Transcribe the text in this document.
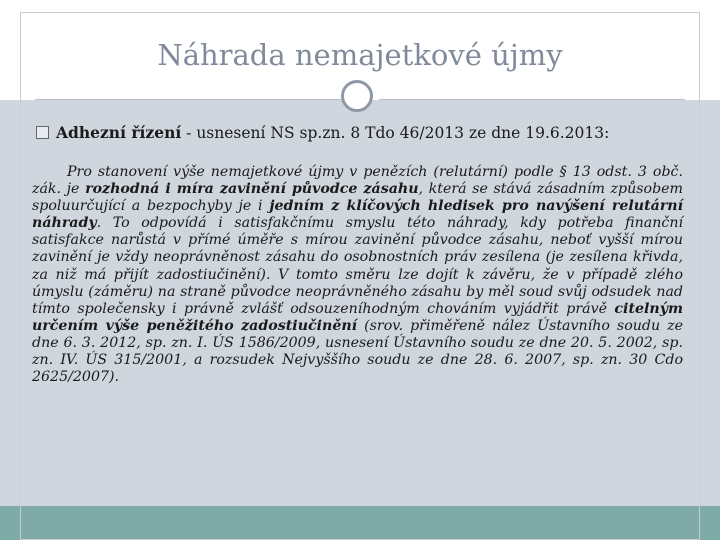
Náhrada nemajetkové újmy
Adhezní řízení - usnesení NS sp.zn. 8 Tdo 46/2013 ze dne 19.6.2013:
Pro stanovení výše nemajetkové újmy v penězích (relutární) podle § 13 odst. 3 obč. zák. je rozhodná i míra zavinění původce zásahu, která se stává zásadním způsobem spoluurčující a bezpochyby je i jedním z klíčových hledisek pro navýšení relutární náhrady. To odpovídá i satisfakčnímu smyslu této náhrady, kdy potřeba finanční satisfakce narůstá v přímé úměře s mírou zavinění původce zásahu, neboť vyšší mírou zavinění je vždy neoprávněnost zásahu do osobnostních práv zesílena (je zesílena křivda, za niž má přijít zadostiučinění). V tomto směru lze dojít k závěru, že v případě zlého úmyslu (záměru) na straně původce neoprávněného zásahu by měl soud svůj odsudek nad tímto společensky i právně zvlášť odsouzeníhodným chováním vyjádřit právě citelným určením výše peněžitého zadostiučinění (srov. přiměřeně nález Ústavního soudu ze dne 6. 3. 2012, sp. zn. I. ÚS 1586/2009, usnesení Ústavního soudu ze dne 20. 5. 2002, sp. zn. IV. ÚS 315/2001, a rozsudek Nejvyššího soudu ze dne 28. 6. 2007, sp. zn. 30 Cdo 2625/2007).
